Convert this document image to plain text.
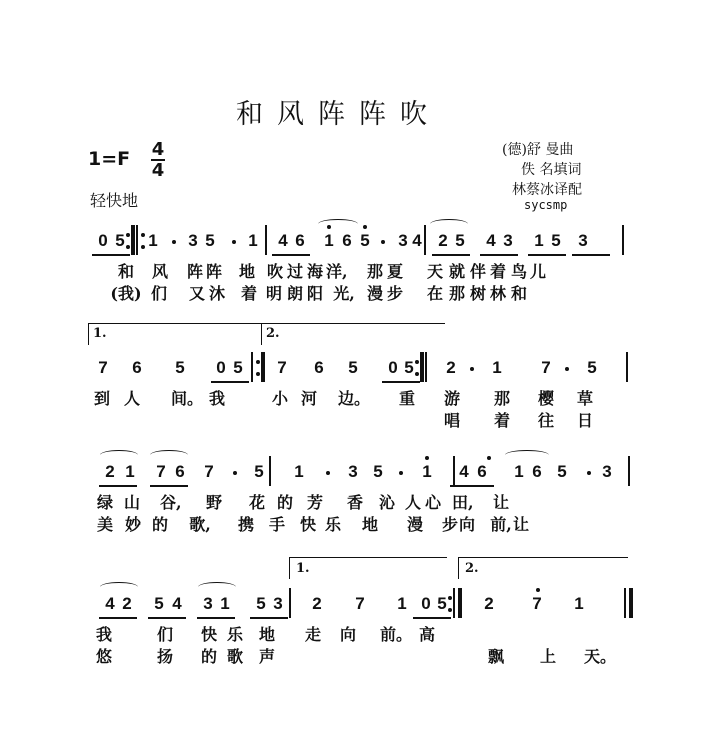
和风阵阵吹
1=F 4
4
轻快地
(德)舒 曼曲
佚 名填词
林蔡冰译配
sycsmp
0 5 1 3 5 1 4 6 1 6 5 3 4 2 5 4 3 1 5 3
和 风 阵 阵 地 吹 过 海 洋, 那 夏 天 就 伴 着 鸟 儿
(我) 们 又 沐 着 明 朗 阳 光, 漫 步 在 那 树 林 和
7 6 5 0 5 7 6 5 0 5 2 1 7 5
到 人 间。 我	小 河 边。 重 游 那 樱 草
唱 着 往 日
2 1 7 6 7 5 1	3 5 1 4 6 1 6 5 3
绿 山 谷, 野 花 的 芳 香 沁 人 心 田, 让
美 妙 的	歌,	携 手 快 乐 地 漫 步 向 前, 让
4 2 5 4 3 1 5 3 2 7 1 0 5 2 7 1
我	们 快 乐 地 走 向 前。 高
悠	扬 的 歌 声	飘 上 天。
1.	2.
1.	2.
